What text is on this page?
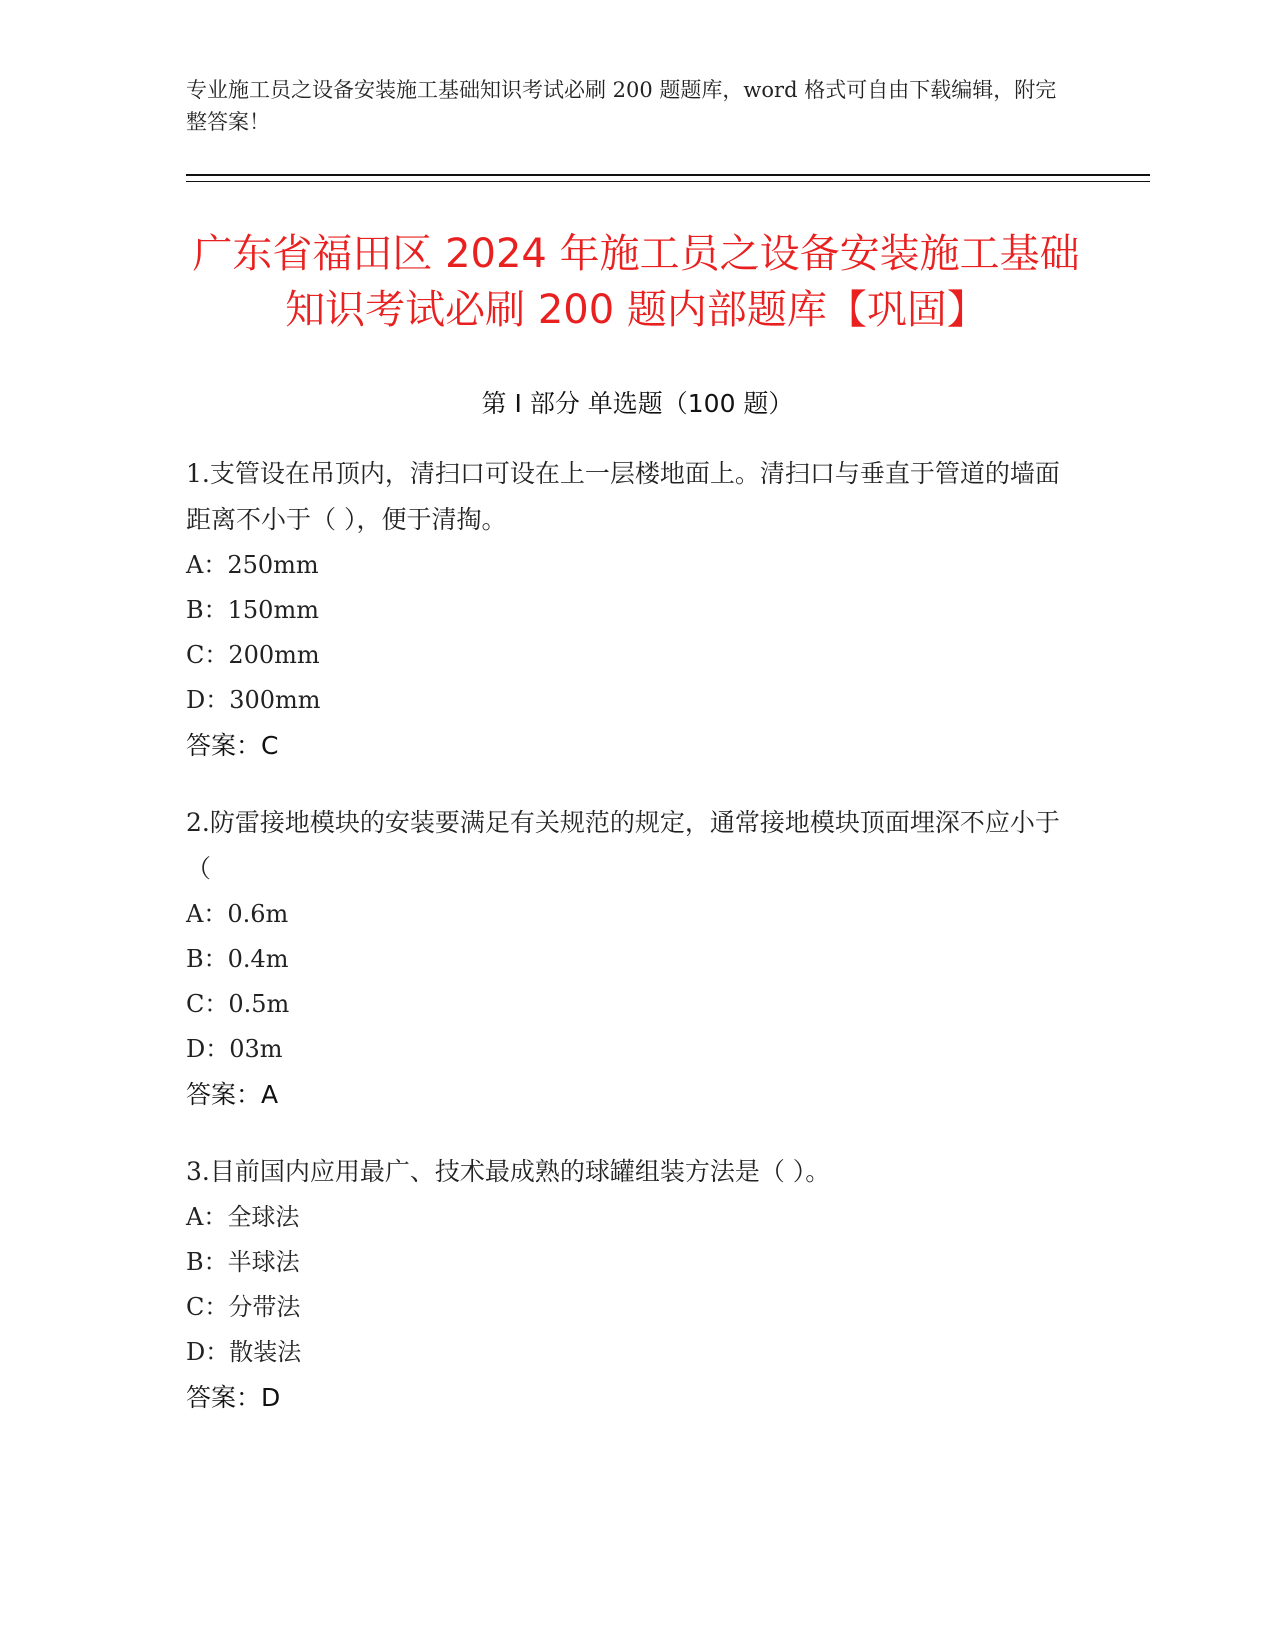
专业施工员之设备安装施工基础知识考试必刷 200 题题库，word 格式可自由下载编辑，附完整答案！
广东省福田区 2024 年施工员之设备安装施工基础知识考试必刷 200 题内部题库【巩固】
第 I 部分 单选题（100 题）

1.支管设在吊顶内，清扫口可设在上一层楼地面上。清扫口与垂直于管道的墙面距离不小于（ ），便于清掏。

A：250mm

B：150mm

C：200mm

D：300mm

答案：C

2.防雷接地模块的安装要满足有关规范的规定，通常接地模块顶面埋深不应小于（

A：0.6m

B：0.4m

C：0.5m

D：03m

答案：A

3.目前国内应用最广、技术最成熟的球罐组装方法是（ ）。

A：全球法

B：半球法

C：分带法

D：散装法

答案：D
